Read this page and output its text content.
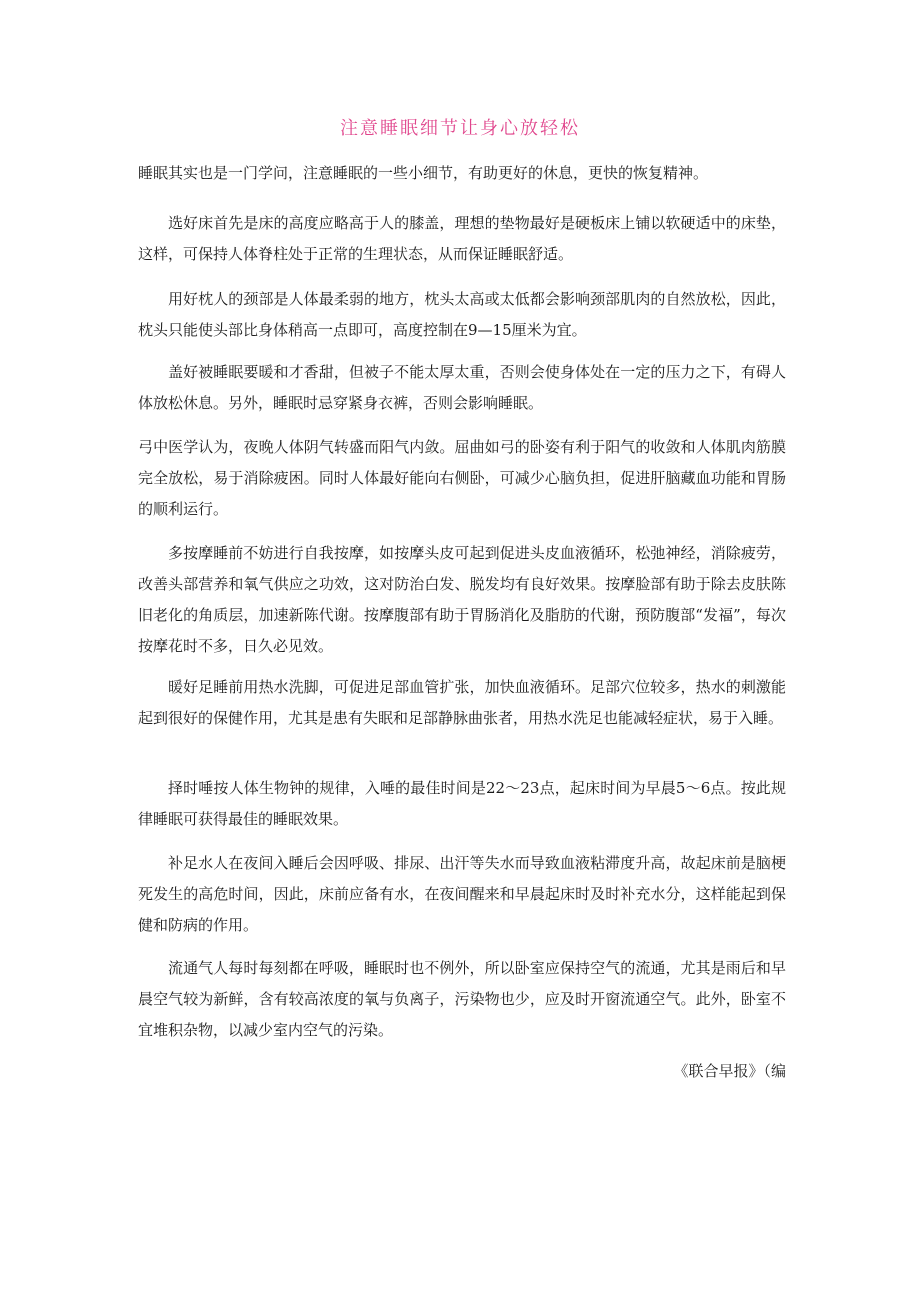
注意睡眠细节让身心放轻松

睡眠其实也是一门学问，注意睡眠的一些小细节，有助更好的休息，更快的恢复精神。

选好床首先是床的高度应略高于人的膝盖，理想的垫物最好是硬板床上铺以软硬适中的床垫，这样，可保持人体脊柱处于正常的生理状态，从而保证睡眠舒适。

用好枕人的颈部是人体最柔弱的地方，枕头太高或太低都会影响颈部肌肉的自然放松，因此，枕头只能使头部比身体稍高一点即可，高度控制在9—15厘米为宜。

盖好被睡眠要暖和才香甜，但被子不能太厚太重，否则会使身体处在一定的压力之下，有碍人体放松休息。另外，睡眠时忌穿紧身衣裤，否则会影响睡眠。

弓中医学认为，夜晚人体阴气转盛而阳气内敛。屈曲如弓的卧姿有利于阳气的收敛和人体肌肉筋膜完全放松，易于消除疲困。同时人体最好能向右侧卧，可减少心脑负担，促进肝脑藏血功能和胃肠的顺利运行。

多按摩睡前不妨进行自我按摩，如按摩头皮可起到促进头皮血液循环，松弛神经，消除疲劳，改善头部营养和氧气供应之功效，这对防治白发、脱发均有良好效果。按摩脸部有助于除去皮肤陈旧老化的角质层，加速新陈代谢。按摩腹部有助于胃肠消化及脂肪的代谢，预防腹部“发福”，每次按摩花时不多，日久必见效。

暖好足睡前用热水洗脚，可促进足部血管扩张，加快血液循环。足部穴位较多，热水的刺激能起到很好的保健作用，尤其是患有失眠和足部静脉曲张者，用热水洗足也能减轻症状，易于入睡。

择时唾按人体生物钟的规律，入唾的最佳时间是22～23点，起床时间为早晨5～6点。按此规律睡眠可获得最佳的睡眠效果。

补足水人在夜间入睡后会因呼吸、排尿、出汗等失水而导致血液粘滞度升高，故起床前是脑梗死发生的高危时间，因此，床前应备有水，在夜间醒来和早晨起床时及时补充水分，这样能起到保健和防病的作用。

流通气人每时每刻都在呼吸，睡眠时也不例外，所以卧室应保持空气的流通，尤其是雨后和早晨空气较为新鲜，含有较高浓度的氧与负离子，污染物也少，应及时开窗流通空气。此外，卧室不宜堆积杂物，以减少室内空气的污染。

《联合早报》（编
